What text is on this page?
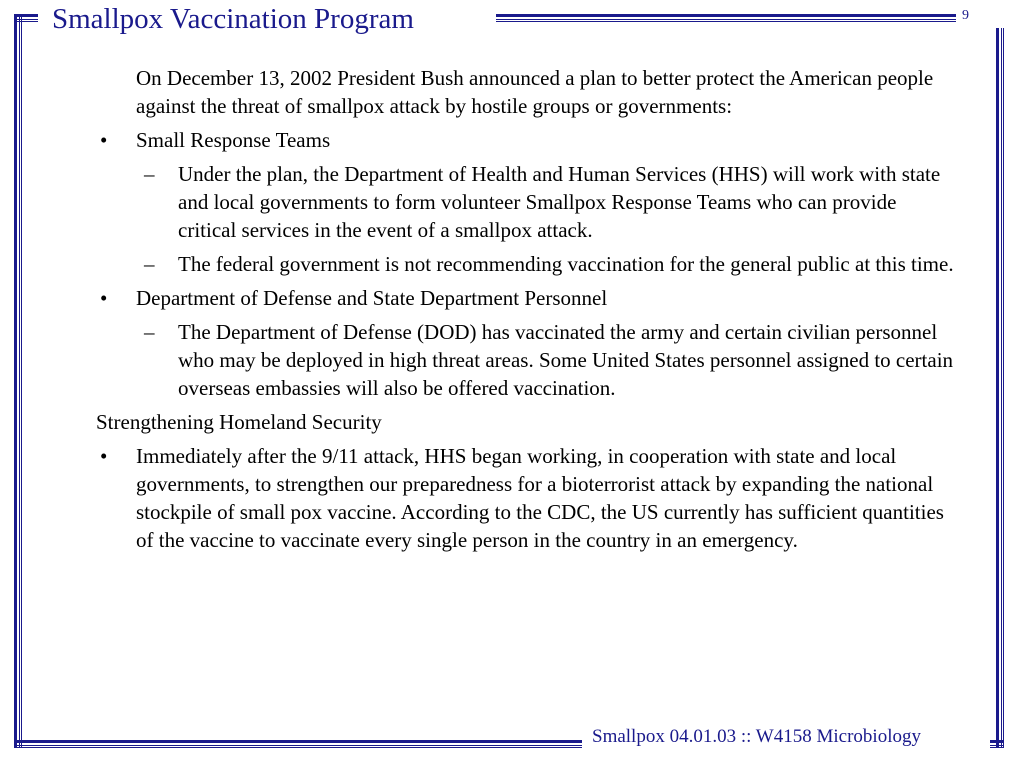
Smallpox Vaccination Program	9

On December 13, 2002 President Bush announced a plan to better protect the American people against the threat of smallpox attack by hostile groups or governments:

• Small Response Teams
– Under the plan, the Department of Health and Human Services (HHS) will work with state and local governments to form volunteer Smallpox Response Teams who can provide critical services in the event of a smallpox attack.
– The federal government is not recommending vaccination for the general public at this time.
• Department of Defense and State Department Personnel
– The Department of Defense (DOD) has vaccinated the army and certain civilian personnel who may be deployed in high threat areas. Some United States personnel assigned to certain overseas embassies will also be offered vaccination.

Strengthening Homeland Security

• Immediately after the 9/11 attack, HHS began working, in cooperation with state and local governments, to strengthen our preparedness for a bioterrorist attack by expanding the national stockpile of small pox vaccine. According to the CDC, the US currently has sufficient quantities of the vaccine to vaccinate every single person in the country in an emergency.
Smallpox 04.01.03 :: W4158 Microbiology
